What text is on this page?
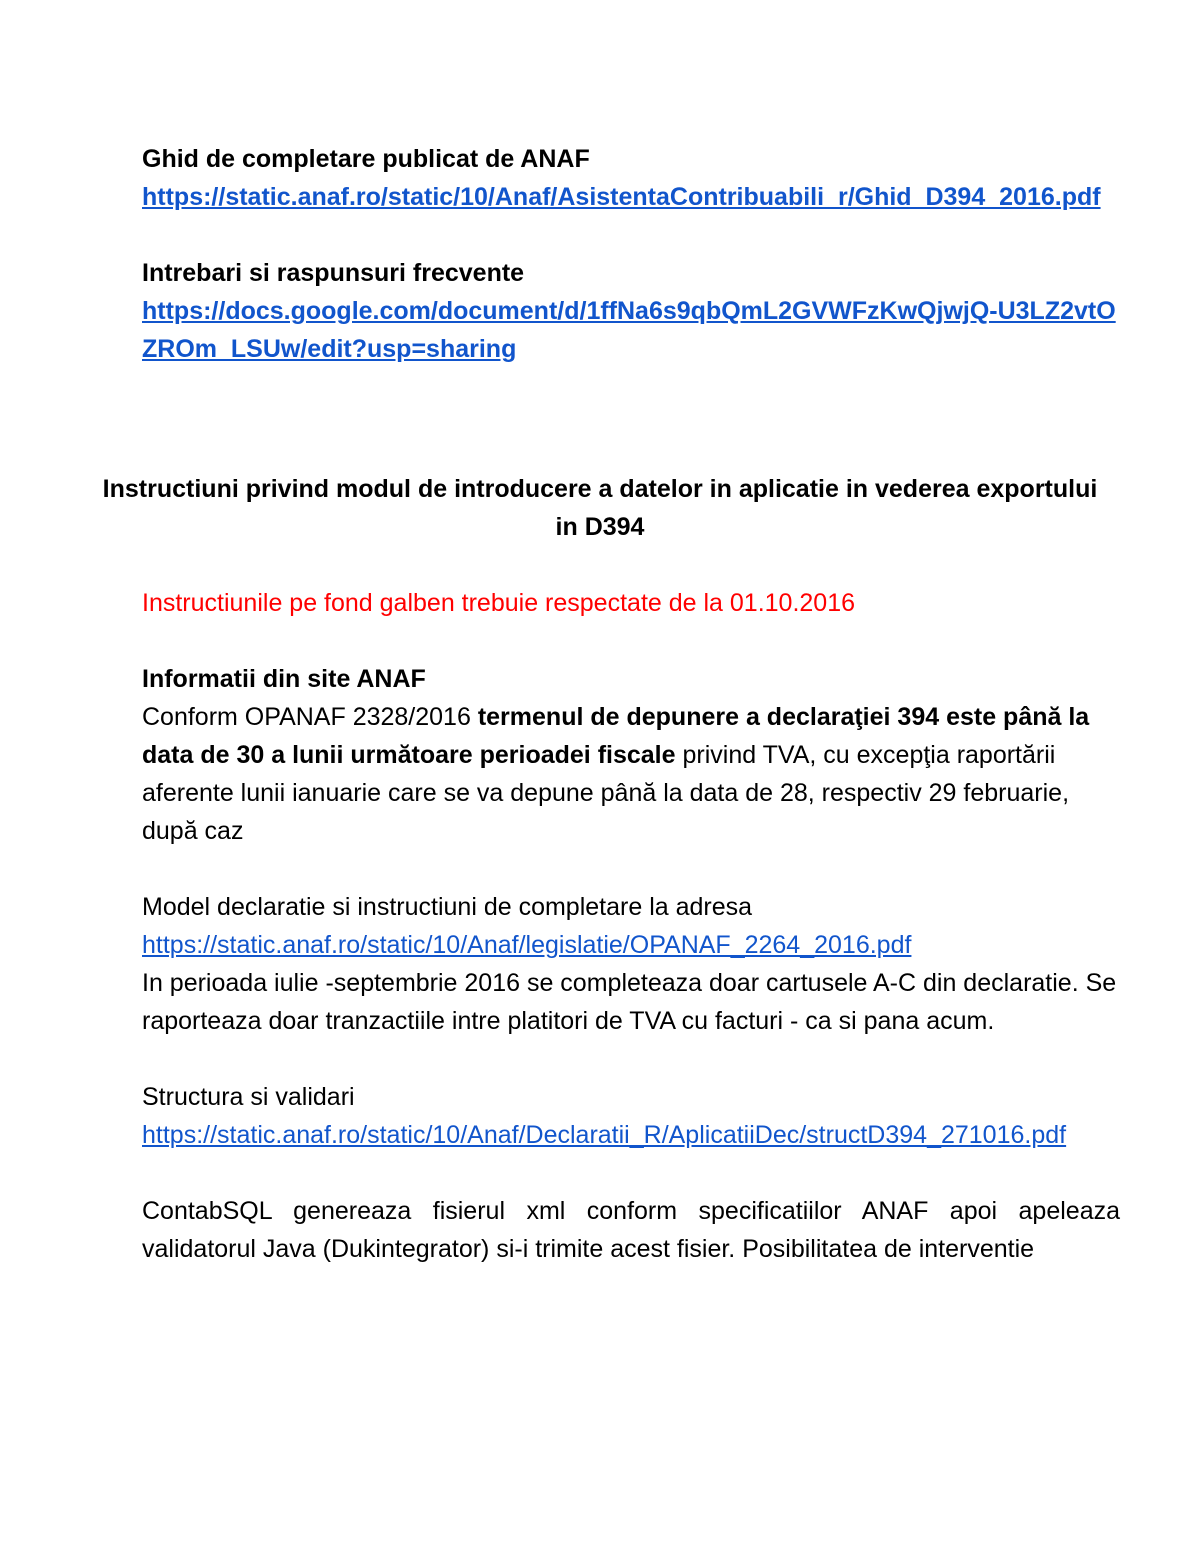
Ghid de completare publicat de ANAF
https://static.anaf.ro/static/10/Anaf/AsistentaContribuabili_r/Ghid_D394_2016.pdf
Intrebari si raspunsuri frecvente
https://docs.google.com/document/d/1ffNa6s9qbQmL2GVWFzKwQjwjQ-U3LZ2vtOZROm_LSUw/edit?usp=sharing
Instructiuni privind modul de introducere a datelor in aplicatie in vederea exportului in D394
Instructiunile pe fond galben trebuie respectate de la 01.10.2016
Informatii din site ANAF
Conform OPANAF 2328/2016 termenul de depunere a declaraţiei 394 este până la data de 30 a lunii următoare perioadei fiscale privind TVA, cu excepţia raportării aferente lunii ianuarie care se va depune până la data de 28, respectiv 29 februarie, după caz
Model declaratie si instructiuni de completare la adresa
https://static.anaf.ro/static/10/Anaf/legislatie/OPANAF_2264_2016.pdf
In perioada iulie -septembrie 2016 se completeaza doar cartusele A-C din declaratie. Se raporteaza doar tranzactiile intre platitori de TVA cu facturi - ca si pana acum.
Structura si validari
https://static.anaf.ro/static/10/Anaf/Declaratii_R/AplicatiiDec/structD394_271016.pdf
ContabSQL genereaza fisierul xml conform specificatiilor ANAF apoi apeleaza validatorul Java (Dukintegrator) si-i trimite acest fisier. Posibilitatea de interventie
